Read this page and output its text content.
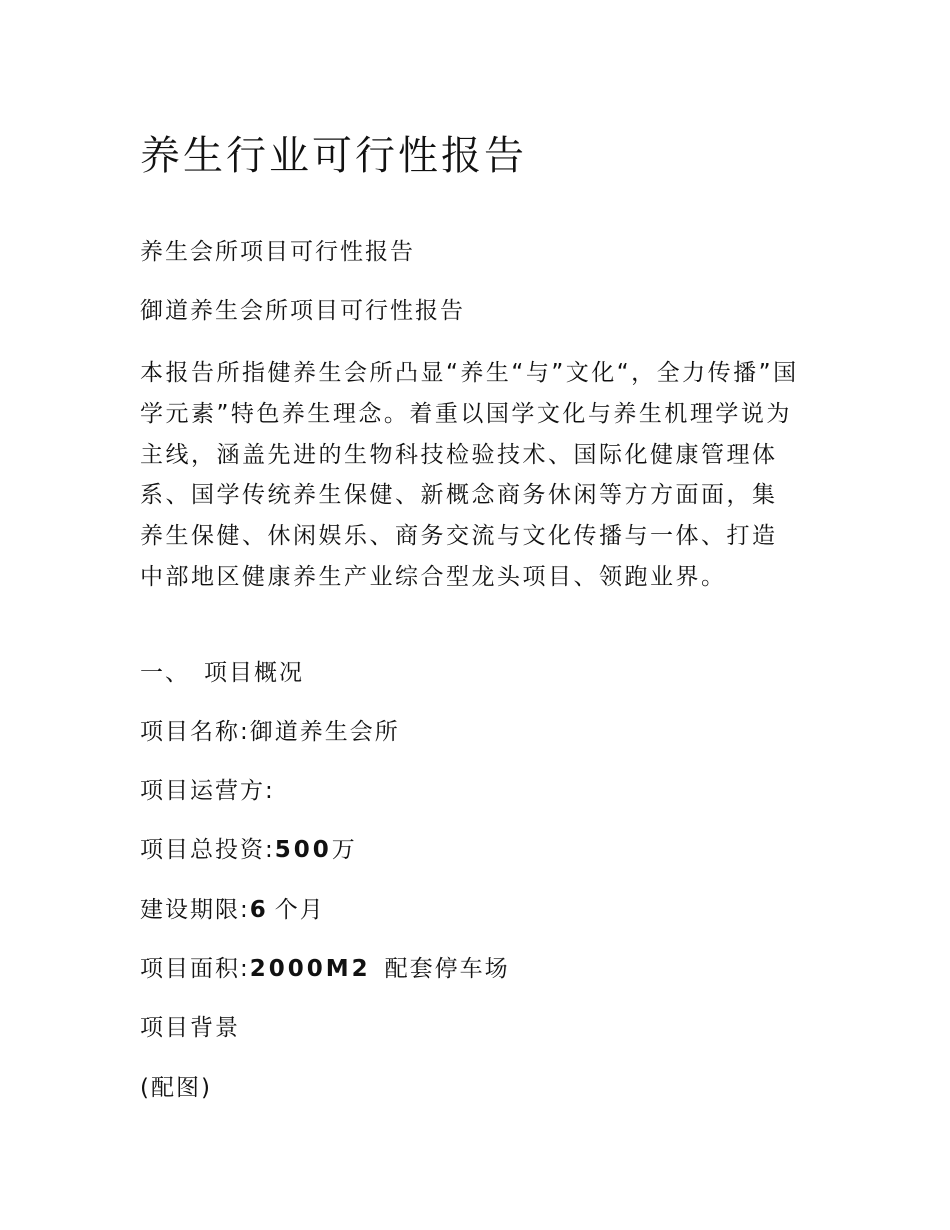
养生行业可行性报告

养生会所项目可行性报告

御道养生会所项目可行性报告

本报告所指健养生会所凸显“养生“与”文化“，全力传播”国学元素”特色养生理念。着重以国学文化与养生机理学说为主线，涵盖先进的生物科技检验技术、国际化健康管理体系、国学传统养生保健、新概念商务休闲等方方面面，集养生保健、休闲娱乐、商务交流与文化传播与一体、打造中部地区健康养生产业综合型龙头项目、领跑业界。

一、 项目概况

项目名称:御道养生会所

项目运营方:

项目总投资:500万

建设期限:6 个月

项目面积:2000M2 配套停车场

项目背景

(配图)
